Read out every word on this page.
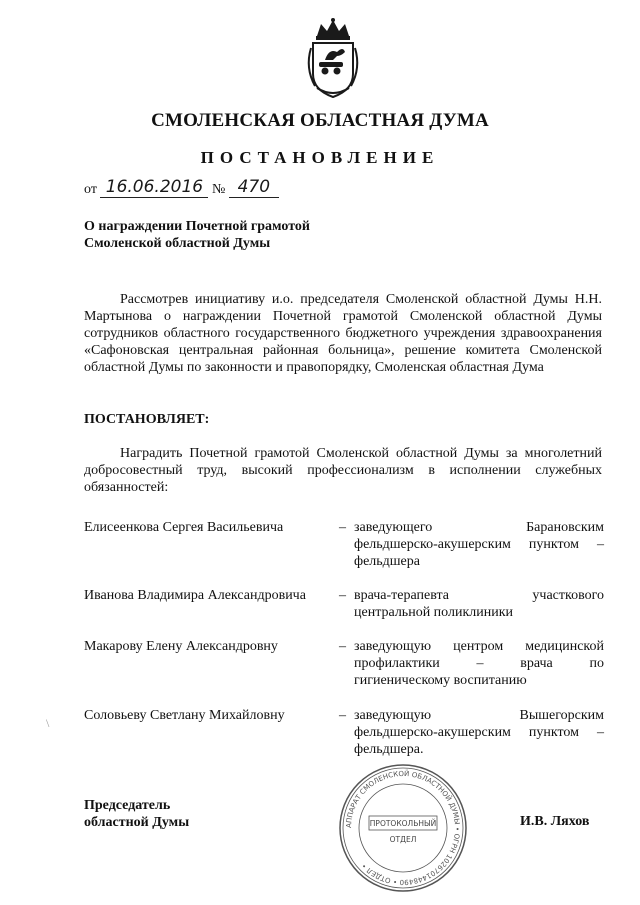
СМОЛЕНСКАЯ ОБЛАСТНАЯ ДУМА
ПОСТАНОВЛЕНИЕ
от 16.06.2016 № 470
О награждении Почетной грамотой
Смоленской областной Думы
Рассмотрев инициативу и.о. председателя Смоленской областной Думы Н.Н. Мартынова о награждении Почетной грамотой Смоленской областной Думы сотрудников областного государственного бюджетного учреждения здравоохранения «Сафоновская центральная районная больница», решение комитета Смоленской областной Думы по законности и правопорядку, Смоленская областная Дума
ПОСТАНОВЛЯЕТ:
Наградить Почетной грамотой Смоленской областной Думы за многолетний добросовестный труд, высокий профессионализм в исполнении служебных обязанностей:
Елисеенкова Сергея Васильевича	– заведующего Барановским
фельдшерско-акушерским пунктом –
фельдшера
Иванова Владимира Александровича	– врача-терапевта участкового
центральной поликлиники
Макарову Елену Александровну	– заведующую центром медицинской
профилактики – врача по
гигиеническому воспитанию
Соловьеву Светлану Михайловну	– заведующую Вышегорским
фельдшерско-акушерским пунктом –
фельдшера.
АППАРАТ СМОЛЕНСКОЙ ОБЛАСТНОЙ ДУМЫ • ОГРН 1026701448490 • ОТДЕЛ •
ПРОТОКОЛЬНЫЙ
ОТДЕЛ
Председатель
областной Думы	И.В. Ляхов
\
